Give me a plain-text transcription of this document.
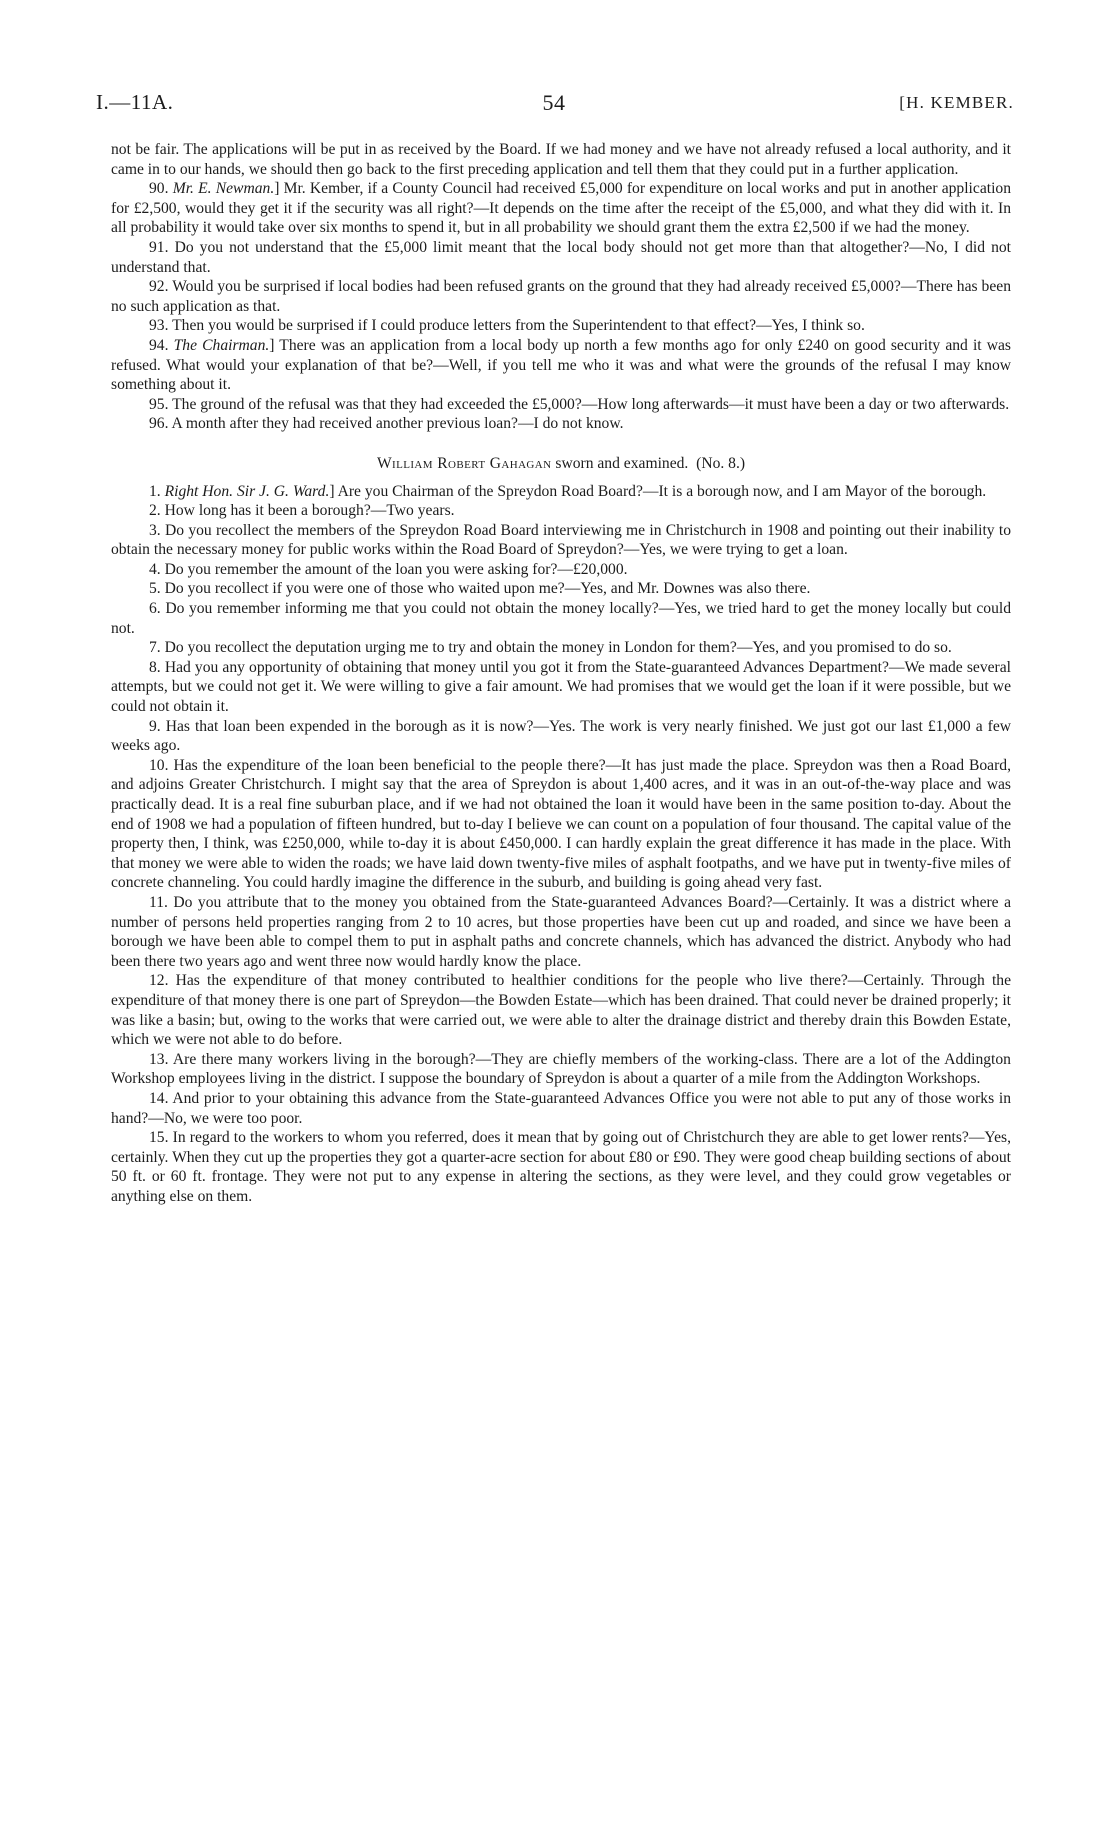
I.—11A.	54	[H. KEMBER.

not be fair. The applications will be put in as received by the Board. If we had money and we have not already refused a local authority, and it came in to our hands, we should then go back to the first preceding application and tell them that they could put in a further application.

90. Mr. E. Newman.] Mr. Kember, if a County Council had received £5,000 for expenditure on local works and put in another application for £2,500, would they get it if the security was all right?—It depends on the time after the receipt of the £5,000, and what they did with it. In all probability it would take over six months to spend it, but in all probability we should grant them the extra £2,500 if we had the money.

91. Do you not understand that the £5,000 limit meant that the local body should not get more than that altogether?—No, I did not understand that.

92. Would you be surprised if local bodies had been refused grants on the ground that they had already received £5,000?—There has been no such application as that.

93. Then you would be surprised if I could produce letters from the Superintendent to that effect?—Yes, I think so.

94. The Chairman.] There was an application from a local body up north a few months ago for only £240 on good security and it was refused. What would your explanation of that be?—Well, if you tell me who it was and what were the grounds of the refusal I may know something about it.

95. The ground of the refusal was that they had exceeded the £5,000?—How long afterwards—it must have been a day or two afterwards.

96. A month after they had received another previous loan?—I do not know.

William Robert Gahagan sworn and examined. (No. 8.)

1. Right Hon. Sir J. G. Ward.] Are you Chairman of the Spreydon Road Board?—It is a borough now, and I am Mayor of the borough.

2. How long has it been a borough?—Two years.

3. Do you recollect the members of the Spreydon Road Board interviewing me in Christchurch in 1908 and pointing out their inability to obtain the necessary money for public works within the Road Board of Spreydon?—Yes, we were trying to get a loan.

4. Do you remember the amount of the loan you were asking for?—£20,000.

5. Do you recollect if you were one of those who waited upon me?—Yes, and Mr. Downes was also there.

6. Do you remember informing me that you could not obtain the money locally?—Yes, we tried hard to get the money locally but could not.

7. Do you recollect the deputation urging me to try and obtain the money in London for them?—Yes, and you promised to do so.

8. Had you any opportunity of obtaining that money until you got it from the State-guaranteed Advances Department?—We made several attempts, but we could not get it. We were willing to give a fair amount. We had promises that we would get the loan if it were possible, but we could not obtain it.

9. Has that loan been expended in the borough as it is now?—Yes. The work is very nearly finished. We just got our last £1,000 a few weeks ago.

10. Has the expenditure of the loan been beneficial to the people there?—It has just made the place. Spreydon was then a Road Board, and adjoins Greater Christchurch. I might say that the area of Spreydon is about 1,400 acres, and it was in an out-of-the-way place and was practically dead. It is a real fine suburban place, and if we had not obtained the loan it would have been in the same position to-day. About the end of 1908 we had a population of fifteen hundred, but to-day I believe we can count on a population of four thousand. The capital value of the property then, I think, was £250,000, while to-day it is about £450,000. I can hardly explain the great difference it has made in the place. With that money we were able to widen the roads; we have laid down twenty-five miles of asphalt footpaths, and we have put in twenty-five miles of concrete channeling. You could hardly imagine the difference in the suburb, and building is going ahead very fast.

11. Do you attribute that to the money you obtained from the State-guaranteed Advances Board?—Certainly. It was a district where a number of persons held properties ranging from 2 to 10 acres, but those properties have been cut up and roaded, and since we have been a borough we have been able to compel them to put in asphalt paths and concrete channels, which has advanced the district. Anybody who had been there two years ago and went three now would hardly know the place.

12. Has the expenditure of that money contributed to healthier conditions for the people who live there?—Certainly. Through the expenditure of that money there is one part of Spreydon—the Bowden Estate—which has been drained. That could never be drained properly; it was like a basin; but, owing to the works that were carried out, we were able to alter the drainage district and thereby drain this Bowden Estate, which we were not able to do before.

13. Are there many workers living in the borough?—They are chiefly members of the working-class. There are a lot of the Addington Workshop employees living in the district. I suppose the boundary of Spreydon is about a quarter of a mile from the Addington Workshops.

14. And prior to your obtaining this advance from the State-guaranteed Advances Office you were not able to put any of those works in hand?—No, we were too poor.

15. In regard to the workers to whom you referred, does it mean that by going out of Christchurch they are able to get lower rents?—Yes, certainly. When they cut up the properties they got a quarter-acre section for about £80 or £90. They were good cheap building sections of about 50 ft. or 60 ft. frontage. They were not put to any expense in altering the sections, as they were level, and they could grow vegetables or anything else on them.
